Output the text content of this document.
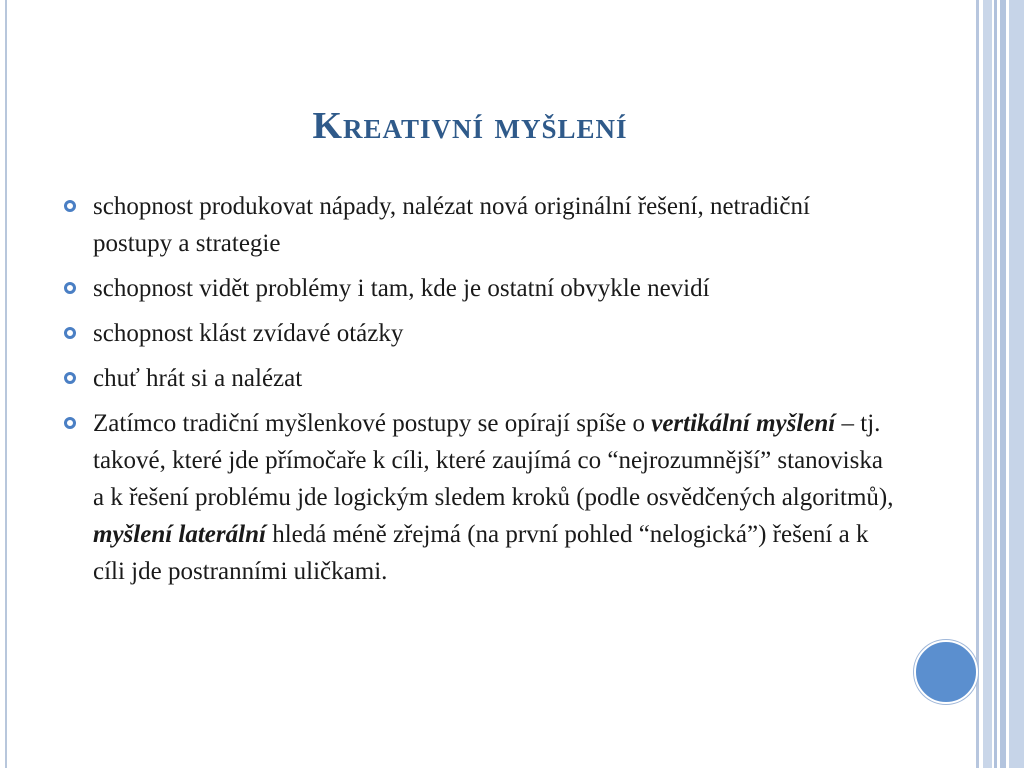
Kreativní myšlení
schopnost produkovat nápady, nalézat nová originální řešení, netradiční postupy a strategie
schopnost vidět problémy i tam, kde je ostatní obvykle nevidí
schopnost klást zvídavé otázky
chuť hrát si a nalézat
Zatímco tradiční myšlenkové postupy se opírají spíše o vertikální myšlení – tj. takové, které jde přímočaře k cíli, které zaujímá co “nejrozumnější” stanoviska a k řešení problému jde logickým sledem kroků (podle osvědčených algoritmů), myšlení laterální hledá méně zřejmá (na první pohled “nelogická”) řešení a k cíli jde postranními uličkami.
